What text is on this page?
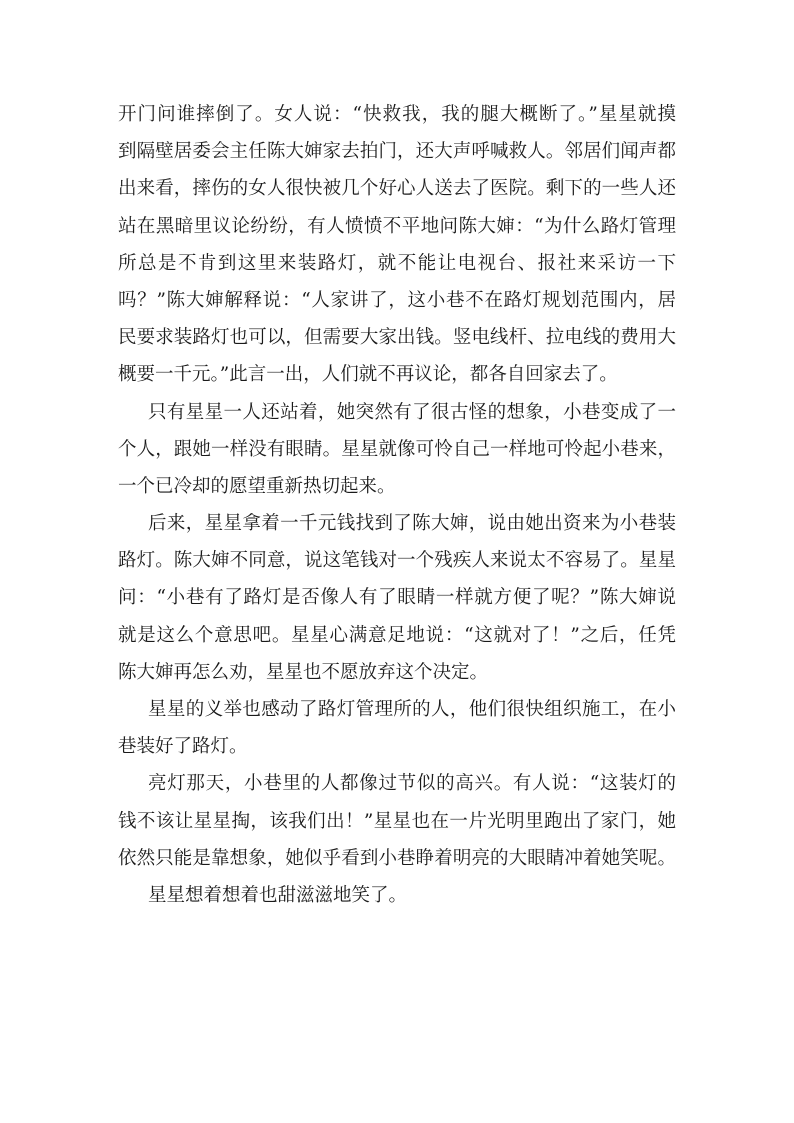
开门问谁摔倒了。女人说：“快救我，我的腿大概断了。”星星就摸
到隔壁居委会主任陈大婶家去拍门，还大声呼喊救人。邻居们闻声都
出来看，摔伤的女人很快被几个好心人送去了医院。剩下的一些人还
站在黑暗里议论纷纷，有人愤愤不平地问陈大婶：“为什么路灯管理
所总是不肯到这里来装路灯，就不能让电视台、报社来采访一下
吗？”陈大婶解释说：“人家讲了，这小巷不在路灯规划范围内，居
民要求装路灯也可以，但需要大家出钱。竖电线杆、拉电线的费用大
概要一千元。”此言一出，人们就不再议论，都各自回家去了。
只有星星一人还站着，她突然有了很古怪的想象，小巷变成了一
个人，跟她一样没有眼睛。星星就像可怜自己一样地可怜起小巷来，
一个已冷却的愿望重新热切起来。
后来，星星拿着一千元钱找到了陈大婶，说由她出资来为小巷装
路灯。陈大婶不同意，说这笔钱对一个残疾人来说太不容易了。星星
问：“小巷有了路灯是否像人有了眼睛一样就方便了呢？”陈大婶说
就是这么个意思吧。星星心满意足地说：“这就对了！”之后，任凭
陈大婶再怎么劝，星星也不愿放弃这个决定。
星星的义举也感动了路灯管理所的人，他们很快组织施工，在小
巷装好了路灯。
亮灯那天，小巷里的人都像过节似的高兴。有人说：“这装灯的
钱不该让星星掏，该我们出！”星星也在一片光明里跑出了家门，她
依然只能是靠想象，她似乎看到小巷睁着明亮的大眼睛冲着她笑呢。
星星想着想着也甜滋滋地笑了。
